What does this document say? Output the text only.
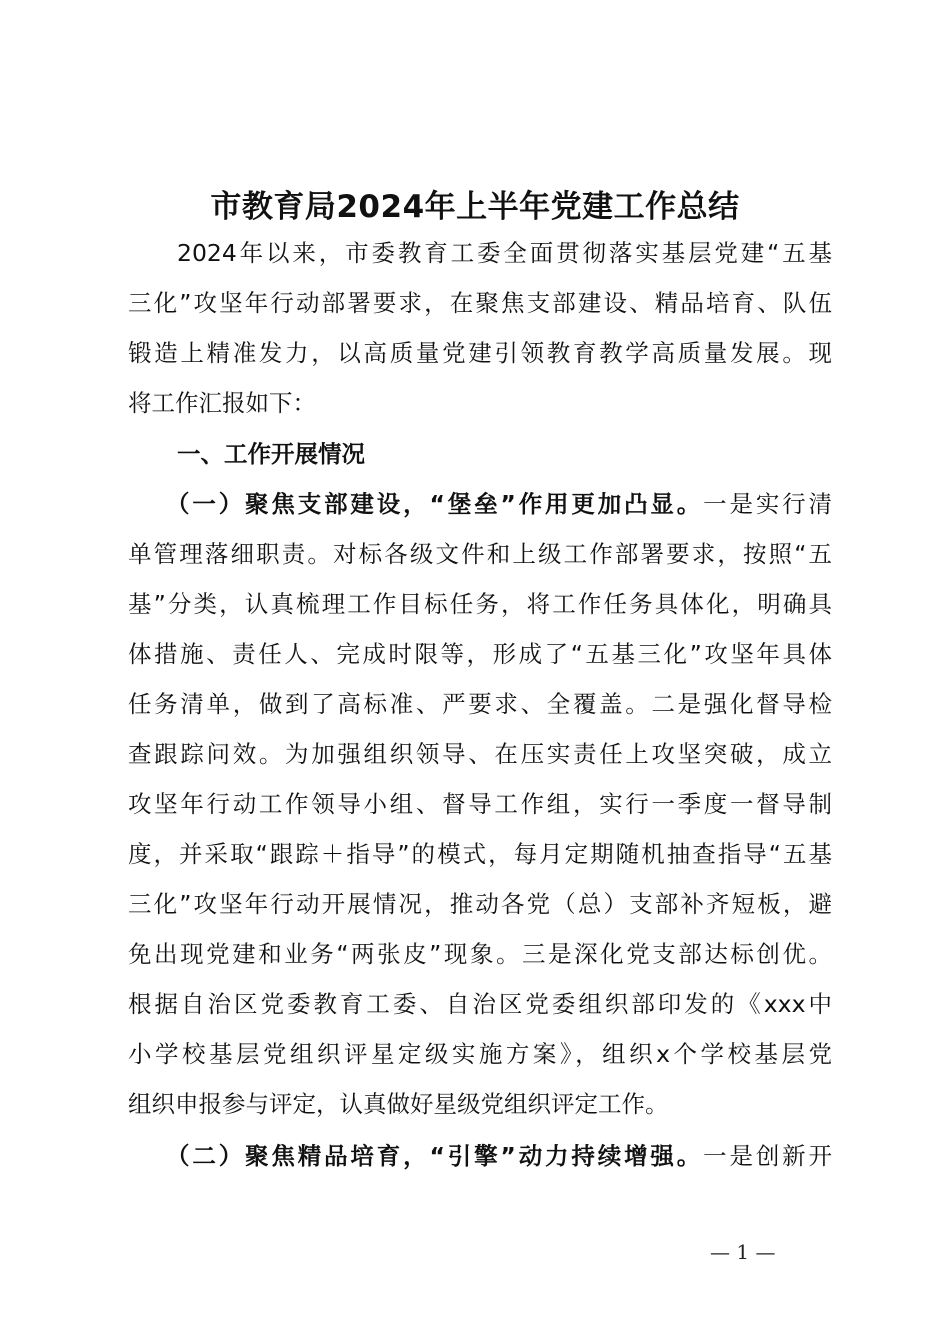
市教育局2024年上半年党建工作总结
2024年以来，市委教育工委全面贯彻落实基层党建“五基
三化”攻坚年行动部署要求，在聚焦支部建设、精品培育、队伍
锻造上精准发力，以高质量党建引领教育教学高质量发展。现
将工作汇报如下：
一、工作开展情况
（一）聚焦支部建设，“堡垒”作用更加凸显。一是实行清
单管理落细职责。对标各级文件和上级工作部署要求，按照“五
基”分类，认真梳理工作目标任务，将工作任务具体化，明确具
体措施、责任人、完成时限等，形成了“五基三化”攻坚年具体
任务清单，做到了高标准、严要求、全覆盖。二是强化督导检
查跟踪问效。为加强组织领导、在压实责任上攻坚突破，成立
攻坚年行动工作领导小组、督导工作组，实行一季度一督导制
度，并采取“跟踪＋指导”的模式，每月定期随机抽查指导“五基
三化”攻坚年行动开展情况，推动各党（总）支部补齐短板，避
免出现党建和业务“两张皮”现象。三是深化党支部达标创优。
根据自治区党委教育工委、自治区党委组织部印发的《xxx中
小学校基层党组织评星定级实施方案》，组织x个学校基层党
组织申报参与评定，认真做好星级党组织评定工作。
（二）聚焦精品培育，“引擎”动力持续增强。一是创新开
— 1 —
